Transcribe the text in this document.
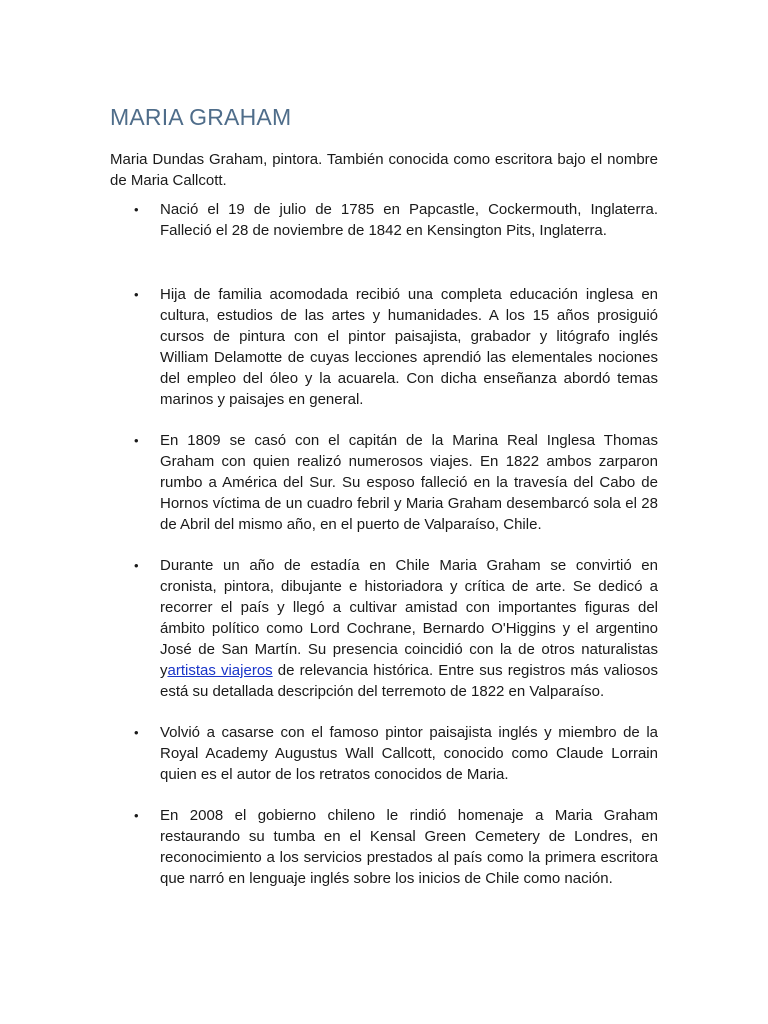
MARIA GRAHAM

Maria Dundas Graham, pintora. También conocida como escritora bajo el nombre de Maria Callcott.

• Nació el 19 de julio de 1785 en Papcastle, Cockermouth, Inglaterra. Falleció el 28 de noviembre de 1842 en Kensington Pits, Inglaterra.
• Hija de familia acomodada recibió una completa educación inglesa en cultura, estudios de las artes y humanidades. A los 15 años prosiguió cursos de pintura con el pintor paisajista, grabador y litógrafo inglés William Delamotte de cuyas lecciones aprendió las elementales nociones del empleo del óleo y la acuarela. Con dicha enseñanza abordó temas marinos y paisajes en general.
• En 1809 se casó con el capitán de la Marina Real Inglesa Thomas Graham con quien realizó numerosos viajes. En 1822 ambos zarparon rumbo a América del Sur. Su esposo falleció en la travesía del Cabo de Hornos víctima de un cuadro febril y Maria Graham desembarcó sola el 28 de Abril del mismo año, en el puerto de Valparaíso, Chile.
• Durante un año de estadía en Chile Maria Graham se convirtió en cronista, pintora, dibujante e historiadora y crítica de arte. Se dedicó a recorrer el país y llegó a cultivar amistad con importantes figuras del ámbito político como Lord Cochrane, Bernardo O'Higgins y el argentino José de San Martín. Su presencia coincidió con la de otros naturalistas yartistas viajeros de relevancia histórica. Entre sus registros más valiosos está su detallada descripción del terremoto de 1822 en Valparaíso.
• Volvió a casarse con el famoso pintor paisajista inglés y miembro de la Royal Academy Augustus Wall Callcott, conocido como Claude Lorrain quien es el autor de los retratos conocidos de Maria.
• En 2008 el gobierno chileno le rindió homenaje a Maria Graham restaurando su tumba en el Kensal Green Cemetery de Londres, en reconocimiento a los servicios prestados al país como la primera escritora que narró en lenguaje inglés sobre los inicios de Chile como nación.
